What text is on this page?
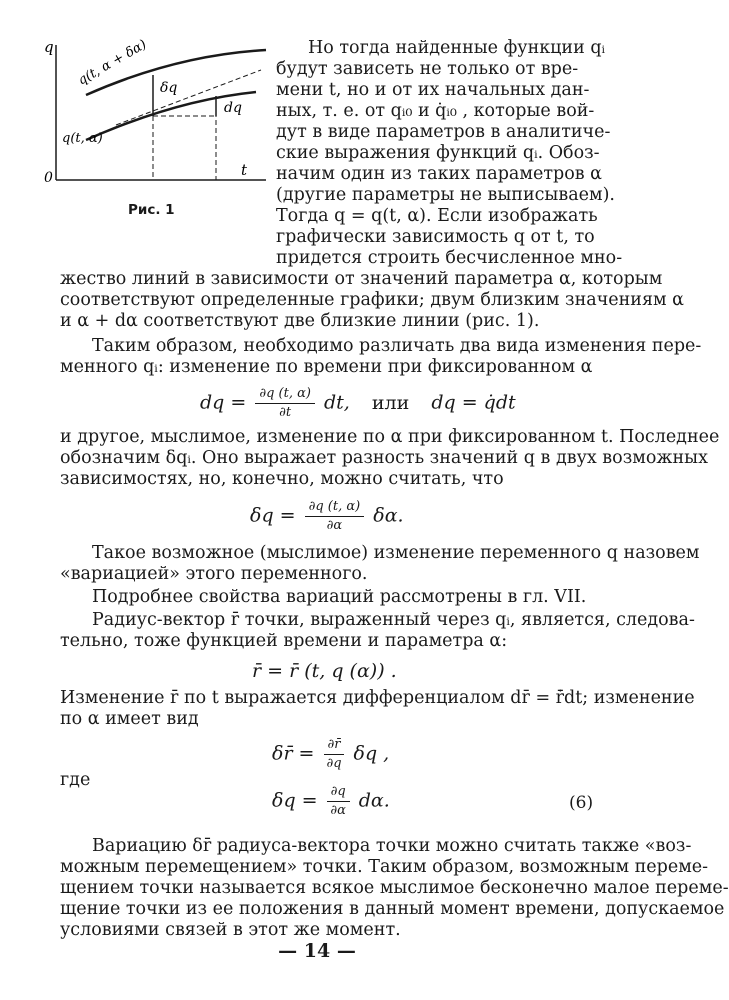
q
t
0
q(t, α + δα)
q(t, α)
δq
dq
Рис. 1
Но тогда найденные функции qᵢ
будут зависеть не только от вре-
мени t, но и от их начальных дан-
ных, т. е. от qᵢ₀ и q̇ᵢ₀ , которые вой-
дут в виде параметров в аналитиче-
ские выражения функций qᵢ. Обоз-
начим один из таких параметров α
(другие параметры не выписываем).
Тогда q = q(t, α). Если изображать
графически зависимость q от t, то
придется строить бесчисленное мно-
жество линий в зависимости от значений параметра α, которым
соответствуют определенные графики; двум близким значениям α
и α + dα соответствуют две близкие линии (рис. 1).
Таким образом, необходимо различать два вида изменения пере-
менного qᵢ: изменение по времени при фиксированном α
dq = $\frac{\partial q (t, \alpha)}{\partial t}$ dt, или dq = q̇dt
и другое, мыслимое, изменение по α при фиксированном t. Последнее
обозначим δqᵢ. Оно выражает разность значений q в двух возможных
зависимостях, но, конечно, можно считать, что
$\delta q = \frac{\partial q (t, \alpha)}{\partial\alpha} \delta\alpha$.
Такое возможное (мыслимое) изменение переменного q назовем
«вариацией» этого переменного.
Подробнее свойства вариаций рассмотрены в гл. VII.
Радиус-вектор r̄ точки, выраженный через qᵢ, является, следова-
тельно, тоже функцией времени и параметра α:
r̄ = r̄ (t, q (α)) .
Изменение r̄ по t выражается дифференциалом dr̄ = r̄̇dt; изменение
по α имеет вид
δr̄ = $\frac{\partial r̄}{\partial q}$ δq ,
где
$\delta q = \frac{\partial q}{\partial\alpha} d\alpha$.	(6)
Вариацию δr̄ радиуса-вектора точки можно считать также «воз-
можным перемещением» точки. Таким образом, возможным переме-
щением точки называется всякое мыслимое бесконечно малое переме-
щение точки из ее положения в данный момент времени, допускаемое
условиями связей в этот же момент.
— 14 —
